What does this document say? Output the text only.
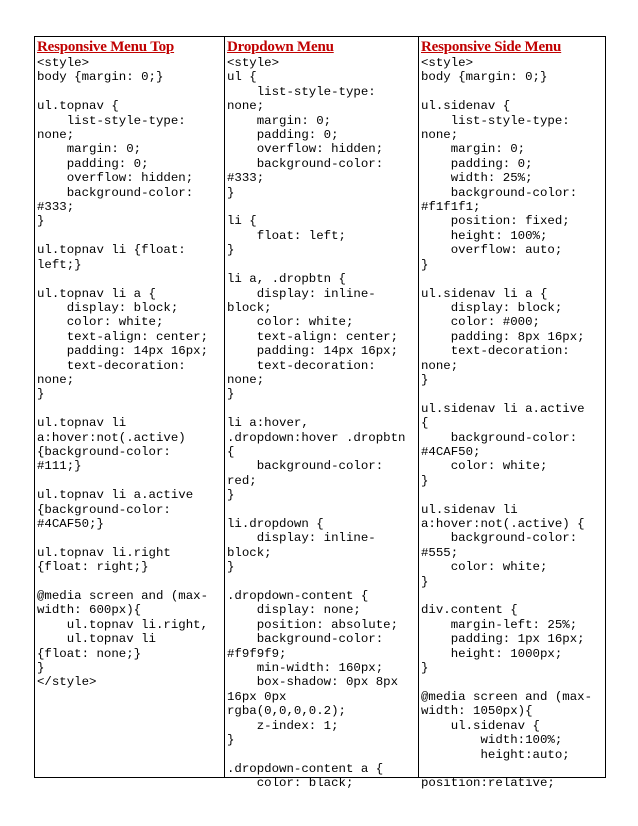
Responsive Menu Top

<style>
body {margin: 0;}

ul.topnav {
list-style-type:
none;
margin: 0;
padding: 0;
overflow: hidden;
background-color:
#333;
}

ul.topnav li {float:
left;}

ul.topnav li a {
display: block;
color: white;
text-align: center;
padding: 14px 16px;
text-decoration:
none;
}

ul.topnav li
a:hover:not(.active)
{background-color:
#111;}

ul.topnav li a.active
{background-color:
#4CAF50;}

ul.topnav li.right
{float: right;}

@media screen and (max-
width: 600px){
ul.topnav li.right,
ul.topnav li
{float: none;}
}
</style>

Dropdown Menu

<style>
ul {
list-style-type:
none;
margin: 0;
padding: 0;
overflow: hidden;
background-color:
#333;
}

li {
float: left;
}

li a, .dropbtn {
display: inline-
block;
color: white;
text-align: center;
padding: 14px 16px;
text-decoration:
none;
}

li a:hover,
.dropdown:hover .dropbtn
{
background-color:
red;
}

li.dropdown {
display: inline-
block;
}

.dropdown-content {
display: none;
position: absolute;
background-color:
#f9f9f9;
min-width: 160px;
box-shadow: 0px 8px
16px 0px
rgba(0,0,0,0.2);
z-index: 1;
}

.dropdown-content a {
color: black;

Responsive Side Menu

<style>
body {margin: 0;}

ul.sidenav {
list-style-type:
none;
margin: 0;
padding: 0;
width: 25%;
background-color:
#f1f1f1;
position: fixed;
height: 100%;
overflow: auto;
}

ul.sidenav li a {
display: block;
color: #000;
padding: 8px 16px;
text-decoration:
none;
}

ul.sidenav li a.active
{
background-color:
#4CAF50;
color: white;
}

ul.sidenav li
a:hover:not(.active) {
background-color:
#555;
color: white;
}

div.content {
margin-left: 25%;
padding: 1px 16px;
height: 1000px;
}

@media screen and (max-
width: 1050px){
ul.sidenav {
width:100%;
height:auto;

position:relative;
